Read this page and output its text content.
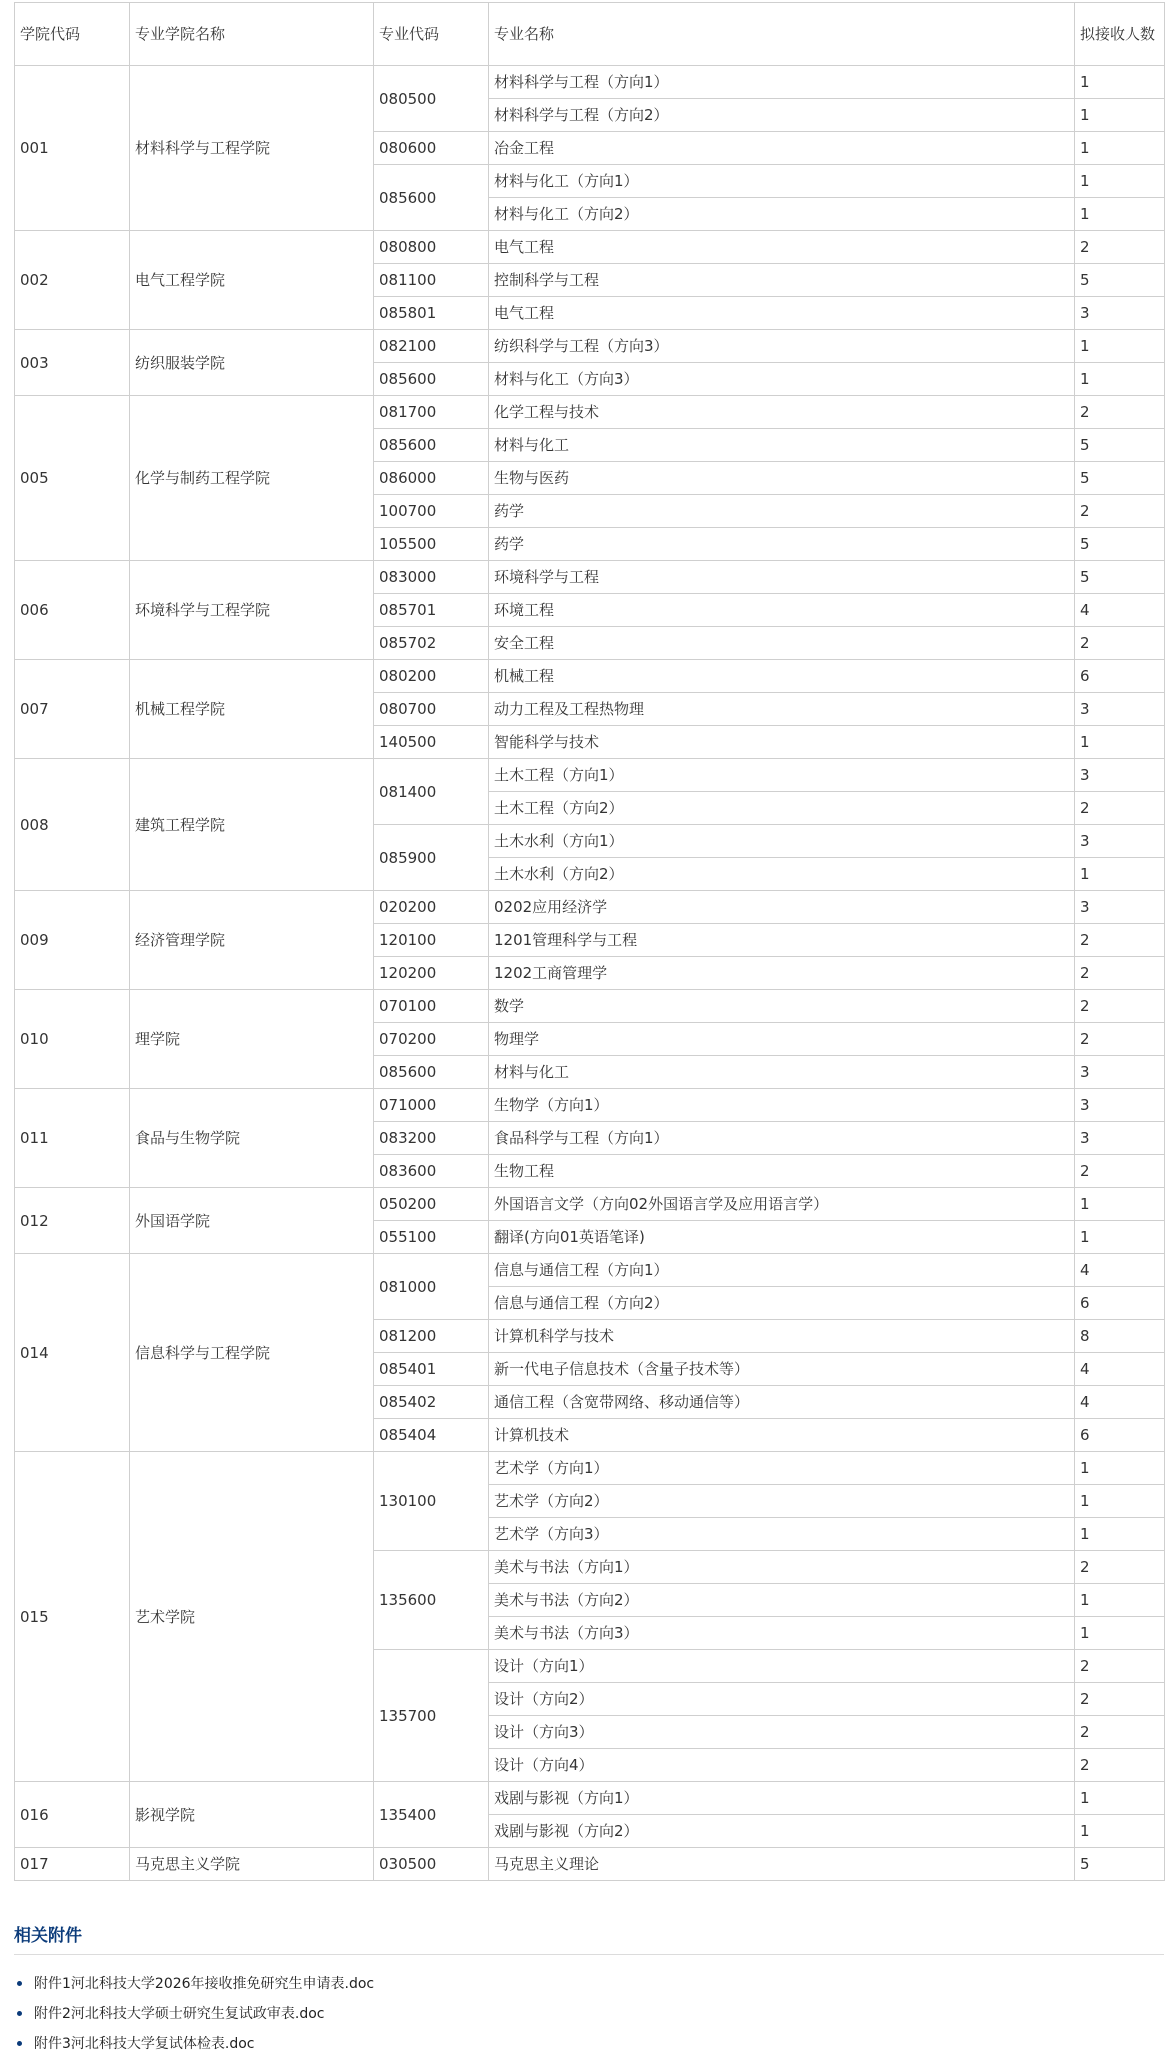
学院代码	专业学院名称	专业代码	专业名称	拟接收人数
001	材料科学与工程学院	080500	材料科学与工程（方向1）	1
			材料科学与工程（方向2）	1
		080600	冶金工程	1
		085600	材料与化工（方向1）	1
			材料与化工（方向2）	1
002	电气工程学院	080800	电气工程	2
		081100	控制科学与工程	5
		085801	电气工程	3
003	纺织服装学院	082100	纺织科学与工程（方向3）	1
		085600	材料与化工（方向3）	1
005	化学与制药工程学院	081700	化学工程与技术	2
		085600	材料与化工	5
		086000	生物与医药	5
		100700	药学	2
		105500	药学	5
006	环境科学与工程学院	083000	环境科学与工程	5
		085701	环境工程	4
		085702	安全工程	2
007	机械工程学院	080200	机械工程	6
		080700	动力工程及工程热物理	3
		140500	智能科学与技术	1
008	建筑工程学院	081400	土木工程（方向1）	3
			土木工程（方向2）	2
		085900	土木水利（方向1）	3
			土木水利（方向2）	1
009	经济管理学院	020200	0202应用经济学	3
		120100	1201管理科学与工程	2
		120200	1202工商管理学	2
010	理学院	070100	数学	2
		070200	物理学	2
		085600	材料与化工	3
011	食品与生物学院	071000	生物学（方向1）	3
		083200	食品科学与工程（方向1）	3
		083600	生物工程	2
012	外国语学院	050200	外国语言文学（方向02外国语言学及应用语言学）	1
		055100	翻译(方向01英语笔译)	1
014	信息科学与工程学院	081000	信息与通信工程（方向1）	4
			信息与通信工程（方向2）	6
		081200	计算机科学与技术	8
		085401	新一代电子信息技术（含量子技术等）	4
		085402	通信工程（含宽带网络、移动通信等）	4
		085404	计算机技术	6
015	艺术学院	130100	艺术学（方向1）	1
			艺术学（方向2）	1
			艺术学（方向3）	1
		135600	美术与书法（方向1）	2
			美术与书法（方向2）	1
			美术与书法（方向3）	1
		135700	设计（方向1）	2
			设计（方向2）	2
			设计（方向3）	2
			设计（方向4）	2
016	影视学院	135400	戏剧与影视（方向1）	1
			戏剧与影视（方向2）	1
017	马克思主义学院	030500	马克思主义理论	5
相关附件
附件1河北科技大学2026年接收推免研究生申请表.doc
附件2河北科技大学硕士研究生复试政审表.doc
附件3河北科技大学复试体检表.doc
